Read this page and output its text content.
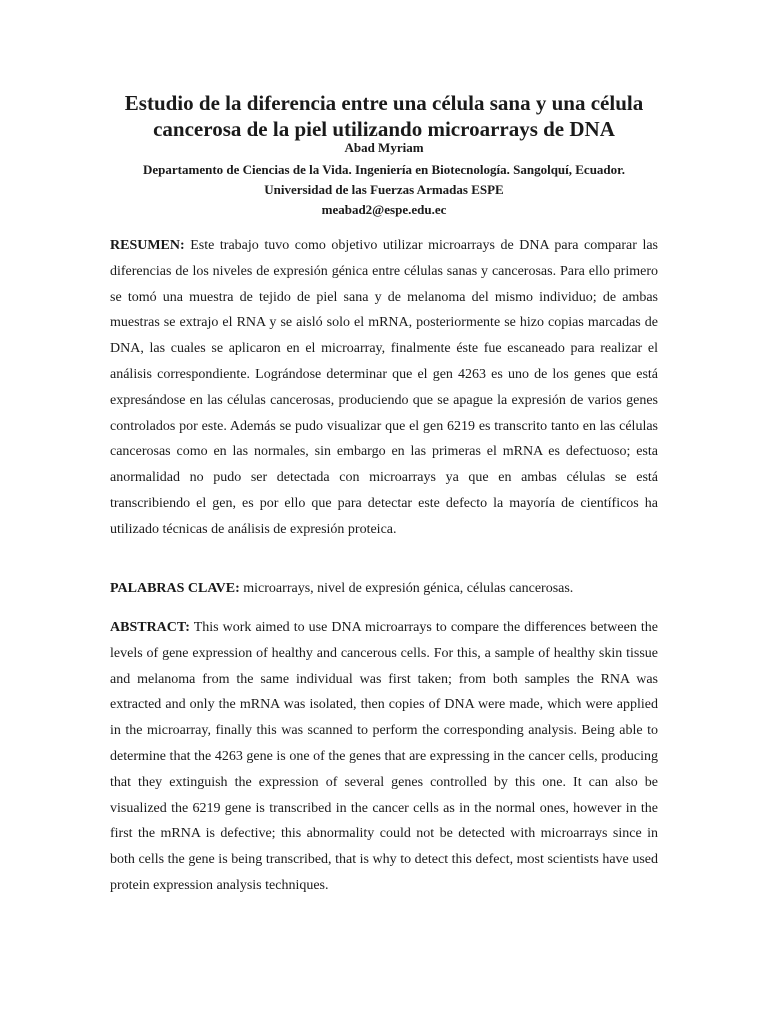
Estudio de la diferencia entre una célula sana y una célula cancerosa de la piel utilizando microarrays de DNA

Abad Myriam

Departamento de Ciencias de la Vida. Ingeniería en Biotecnología. Sangolquí, Ecuador.

Universidad de las Fuerzas Armadas ESPE

meabad2@espe.edu.ec

RESUMEN: Este trabajo tuvo como objetivo utilizar microarrays de DNA para comparar las diferencias de los niveles de expresión génica entre células sanas y cancerosas. Para ello primero se tomó una muestra de tejido de piel sana y de melanoma del mismo individuo; de ambas muestras se extrajo el RNA y se aisló solo el mRNA, posteriormente se hizo copias marcadas de DNA, las cuales se aplicaron en el microarray, finalmente éste fue escaneado para realizar el análisis correspondiente. Lográndose determinar que el gen 4263 es uno de los genes que está expresándose en las células cancerosas, produciendo que se apague la expresión de varios genes controlados por este. Además se pudo visualizar que el gen 6219 es transcrito tanto en las células cancerosas como en las normales, sin embargo en las primeras el mRNA es defectuoso; esta anormalidad no pudo ser detectada con microarrays ya que en ambas células se está transcribiendo el gen, es por ello que para detectar este defecto la mayoría de científicos ha utilizado técnicas de análisis de expresión proteica.

PALABRAS CLAVE: microarrays, nivel de expresión génica, células cancerosas.

ABSTRACT: This work aimed to use DNA microarrays to compare the differences between the levels of gene expression of healthy and cancerous cells. For this, a sample of healthy skin tissue and melanoma from the same individual was first taken; from both samples the RNA was extracted and only the mRNA was isolated, then copies of DNA were made, which were applied in the microarray, finally this was scanned to perform the corresponding analysis. Being able to determine that the 4263 gene is one of the genes that are expressing in the cancer cells, producing that they extinguish the expression of several genes controlled by this one. It can also be visualized the 6219 gene is transcribed in the cancer cells as in the normal ones, however in the first the mRNA is defective; this abnormality could not be detected with microarrays since in both cells the gene is being transcribed, that is why to detect this defect, most scientists have used protein expression analysis techniques.
